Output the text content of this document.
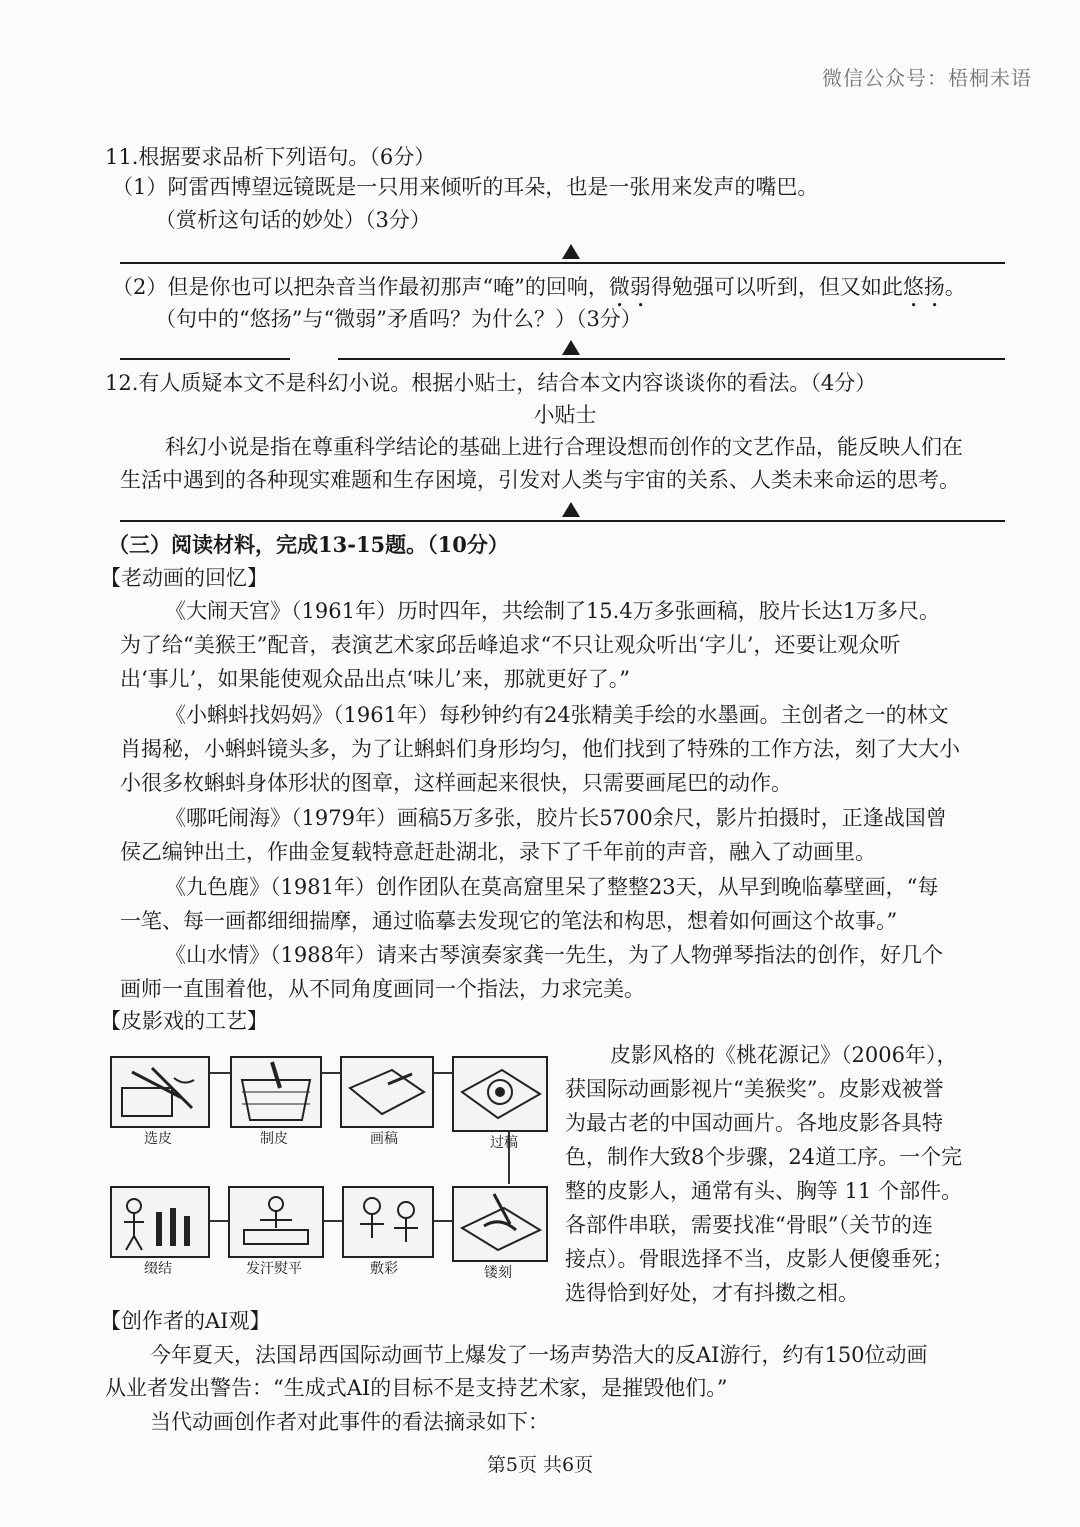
微信公众号：梧桐未语
11.根据要求品析下列语句。（6分）
（1）阿雷西博望远镜既是一只用来倾听的耳朵，也是一张用来发声的嘴巴。
（赏析这句话的妙处）（3分）
（2）但是你也可以把杂音当作最初那声“唵”的回响，微弱得勉强可以听到，但又如此悠扬。
（句中的“悠扬”与“微弱”矛盾吗？为什么？）（3分）
12.有人质疑本文不是科幻小说。根据小贴士，结合本文内容谈谈你的看法。（4分）
小贴士
科幻小说是指在尊重科学结论的基础上进行合理设想而创作的文艺作品，能反映人们在
生活中遇到的各种现实难题和生存困境，引发对人类与宇宙的关系、人类未来命运的思考。
（三）阅读材料，完成13-15题。（10分）
【老动画的回忆】
《大闹天宫》（1961年）历时四年，共绘制了15.4万多张画稿，胶片长达1万多尺。
为了给“美猴王”配音，表演艺术家邱岳峰追求“不只让观众听出‘字儿’，还要让观众听
出‘事儿’，如果能使观众品出点‘味儿’来，那就更好了。”
《小蝌蚪找妈妈》（1961年）每秒钟约有24张精美手绘的水墨画。主创者之一的林文
肖揭秘，小蝌蚪镜头多，为了让蝌蚪们身形均匀，他们找到了特殊的工作方法，刻了大大小
小很多枚蝌蚪身体形状的图章，这样画起来很快，只需要画尾巴的动作。
《哪吒闹海》（1979年）画稿5万多张，胶片长5700余尺，影片拍摄时，正逢战国曾
侯乙编钟出土，作曲金复载特意赶赴湖北，录下了千年前的声音，融入了动画里。
《九色鹿》（1981年）创作团队在莫高窟里呆了整整23天，从早到晚临摹壁画，“每
一笔、每一画都细细揣摩，通过临摹去发现它的笔法和构思，想着如何画这个故事。”
《山水情》（1988年）请来古琴演奏家龚一先生，为了人物弹琴指法的创作，好几个
画师一直围着他，从不同角度画同一个指法，力求完美。
【皮影戏的工艺】
选皮	制皮	画稿	过稿
缀结	发汗熨平	敷彩	镂刻
皮影风格的《桃花源记》（2006年），
获国际动画影视片“美猴奖”。皮影戏被誉
为最古老的中国动画片。各地皮影各具特
色，制作大致8个步骤，24道工序。一个完
整的皮影人，通常有头、胸等 11 个部件。
各部件串联，需要找准“骨眼”（关节的连
接点）。骨眼选择不当，皮影人便傻垂死；
选得恰到好处，才有抖擞之相。
【创作者的AI观】
今年夏天，法国昂西国际动画节上爆发了一场声势浩大的反AI游行，约有150位动画
从业者发出警告：“生成式AI的目标不是支持艺术家，是摧毁他们。”
当代动画创作者对此事件的看法摘录如下：
第5页 共6页
